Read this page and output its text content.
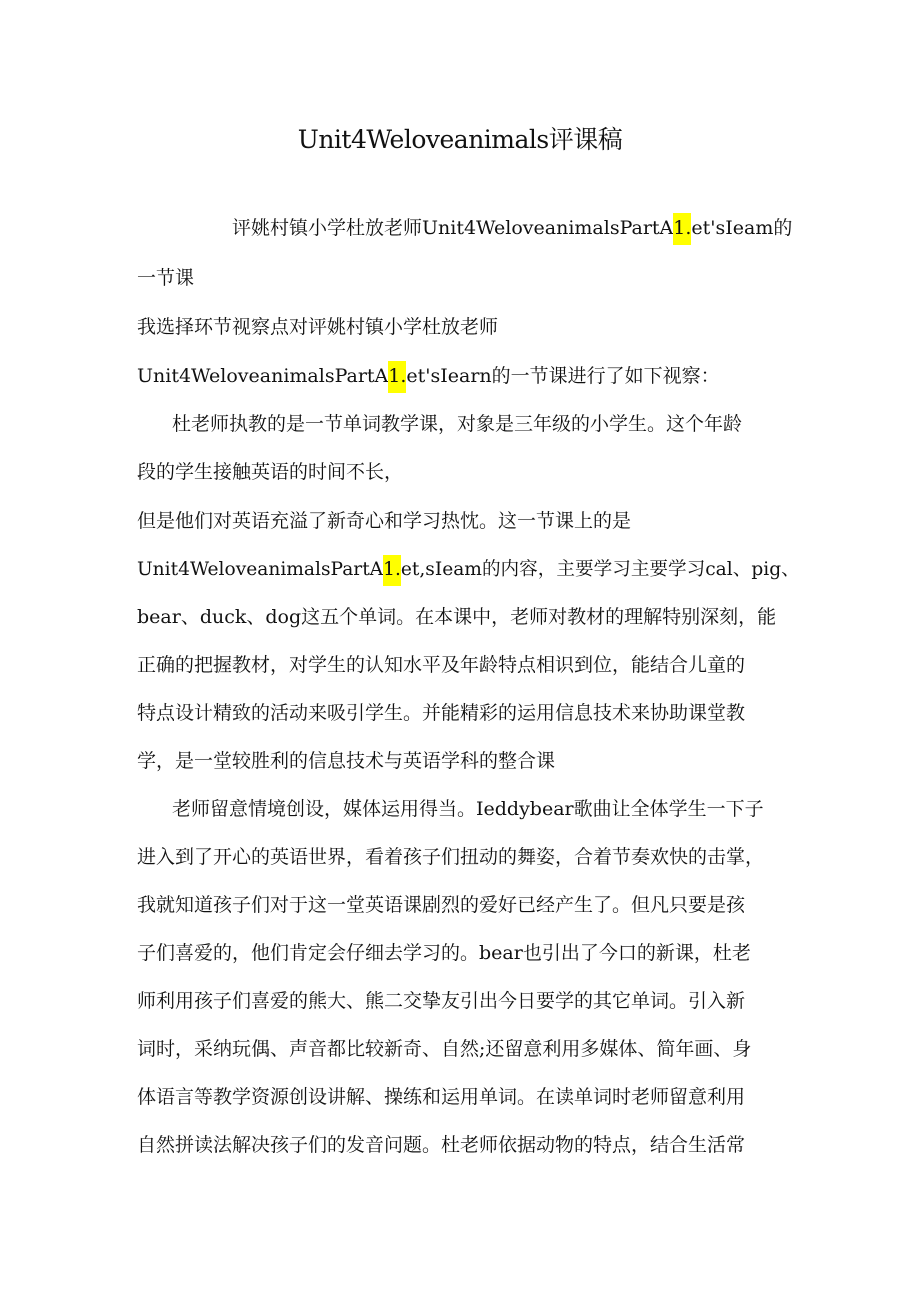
Unit4Weloveanimals评课稿
评姚村镇小学杜放老师Unit4WeloveanimalsPartA1.et'sIeam的
一节课
我选择环节视察点对评姚村镇小学杜放老师
Unit4WeloveanimalsPartA1.et'sIearn的一节课进行了如下视察：
杜老师执教的是一节单词教学课，对象是三年级的小学生。这个年龄
段的学生接触英语的时间不长，
但是他们对英语充溢了新奇心和学习热忱。这一节课上的是
Unit4WeloveanimalsPartA1.et,sIeam的内容，主要学习主要学习cal、pig、
bear、duck、dog这五个单词。在本课中，老师对教材的理解特别深刻，能
正确的把握教材，对学生的认知水平及年龄特点相识到位，能结合儿童的
特点设计精致的活动来吸引学生。并能精彩的运用信息技术来协助课堂教
学，是一堂较胜利的信息技术与英语学科的整合课
老师留意情境创设，媒体运用得当。Ieddybear歌曲让全体学生一下子
进入到了开心的英语世界，看着孩子们扭动的舞姿，合着节奏欢快的击掌，
我就知道孩子们对于这一堂英语课剧烈的爱好已经产生了。但凡只要是孩
子们喜爱的，他们肯定会仔细去学习的。bear也引出了今口的新课，杜老
师利用孩子们喜爱的熊大、熊二交挚友引出今日要学的其它单词。引入新
词时，采纳玩偶、声音都比较新奇、自然;还留意利用多媒体、简年画、身
体语言等教学资源创设讲解、操练和运用单词。在读单词时老师留意利用
自然拼读法解决孩子们的发音问题。杜老师依据动物的特点，结合生活常
